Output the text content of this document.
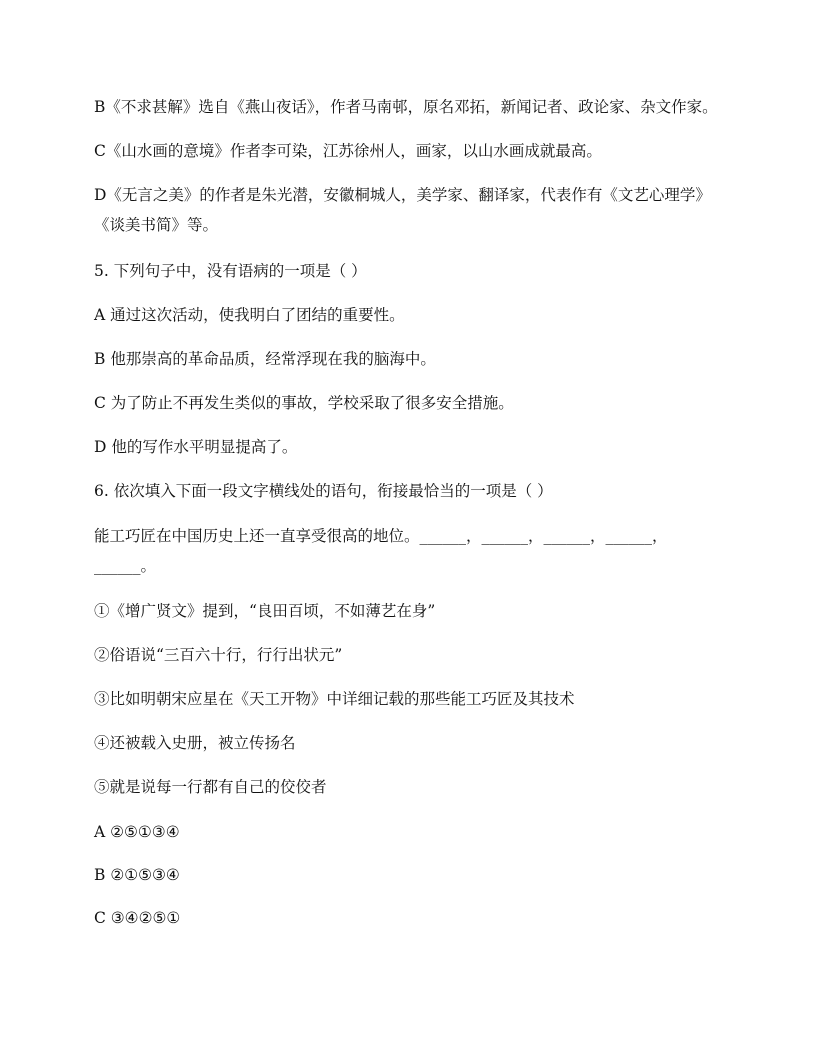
B《不求甚解》选自《燕山夜话》，作者马南邨，原名邓拓，新闻记者、政论家、杂文作家。

C《山水画的意境》作者李可染，江苏徐州人，画家，以山水画成就最高。

D《无言之美》的作者是朱光潜，安徽桐城人，美学家、翻译家，代表作有《文艺心理学》《谈美书简》等。

5. 下列句子中，没有语病的一项是（ ）

A 通过这次活动，使我明白了团结的重要性。

B 他那崇高的革命品质，经常浮现在我的脑海中。

C 为了防止不再发生类似的事故，学校采取了很多安全措施。

D 他的写作水平明显提高了。

6. 依次填入下面一段文字横线处的语句，衔接最恰当的一项是（ ）

能工巧匠在中国历史上还一直享受很高的地位。______，______，______，______，______。

①《增广贤文》提到，“良田百顷，不如薄艺在身”

②俗语说“三百六十行，行行出状元”

③比如明朝宋应星在《天工开物》中详细记载的那些能工巧匠及其技术

④还被载入史册，被立传扬名

⑤就是说每一行都有自己的佼佼者

A ②⑤①③④

B ②①⑤③④

C ③④②⑤①
